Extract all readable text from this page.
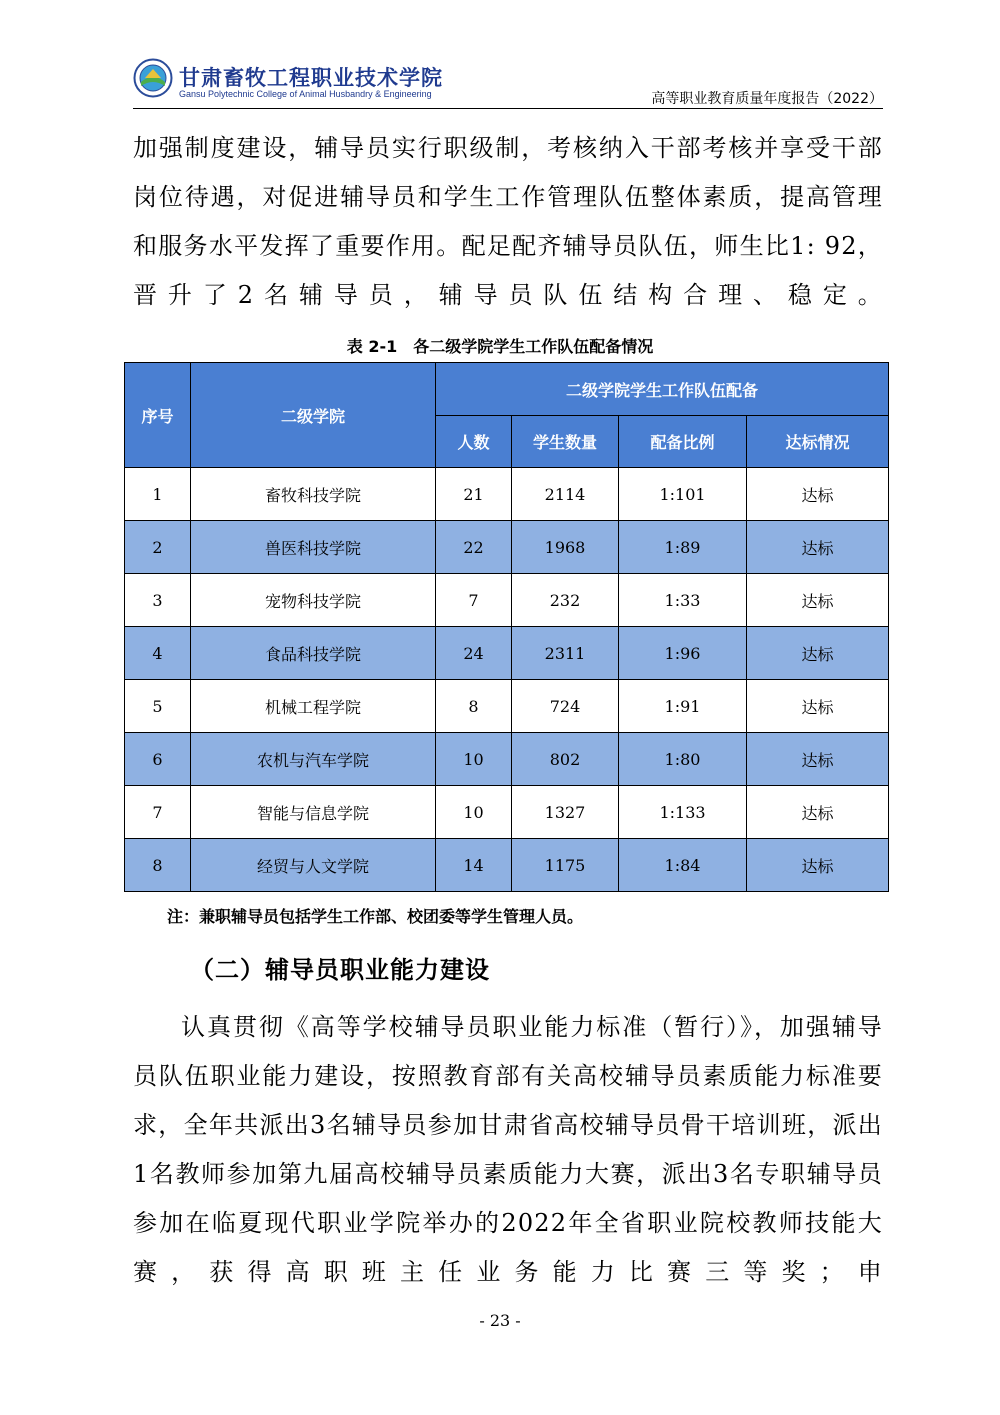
甘肃畜牧工程职业技术学院
Gansu Polytechnic College of Animal Husbandry & Engineering	高等职业教育质量年度报告（2022）

加强制度建设，辅导员实行职级制，考核纳入干部考核并享受干部岗位待遇，对促进辅导员和学生工作管理队伍整体素质，提高管理和服务水平发挥了重要作用。配足配齐辅导员队伍，师生比1: 92，晋升了2名辅导员，辅导员队伍结构合理、稳定。

表 2-1　各二级学院学生工作队伍配备情况
序号	二级学院	二级学院学生工作队伍配备			
		人数	学生数量	配备比例	达标情况
1	畜牧科技学院	21	2114	1:101	达标
2	兽医科技学院	22	1968	1:89	达标
3	宠物科技学院	7	232	1:33	达标
4	食品科技学院	24	2311	1:96	达标
5	机械工程学院	8	724	1:91	达标
6	农机与汽车学院	10	802	1:80	达标
7	智能与信息学院	10	1327	1:133	达标
8	经贸与人文学院	14	1175	1:84	达标
注：兼职辅导员包括学生工作部、校团委等学生管理人员。
（二）辅导员职业能力建设

认真贯彻《高等学校辅导员职业能力标准（暂行）》，加强辅导员队伍职业能力建设，按照教育部有关高校辅导员素质能力标准要求，全年共派出3名辅导员参加甘肃省高校辅导员骨干培训班，派出1名教师参加第九届高校辅导员素质能力大赛，派出3名专职辅导员参加在临夏现代职业学院举办的2022年全省职业院校教师技能大赛，获得高职班主任业务能力比赛三等奖；申

- 23 -
